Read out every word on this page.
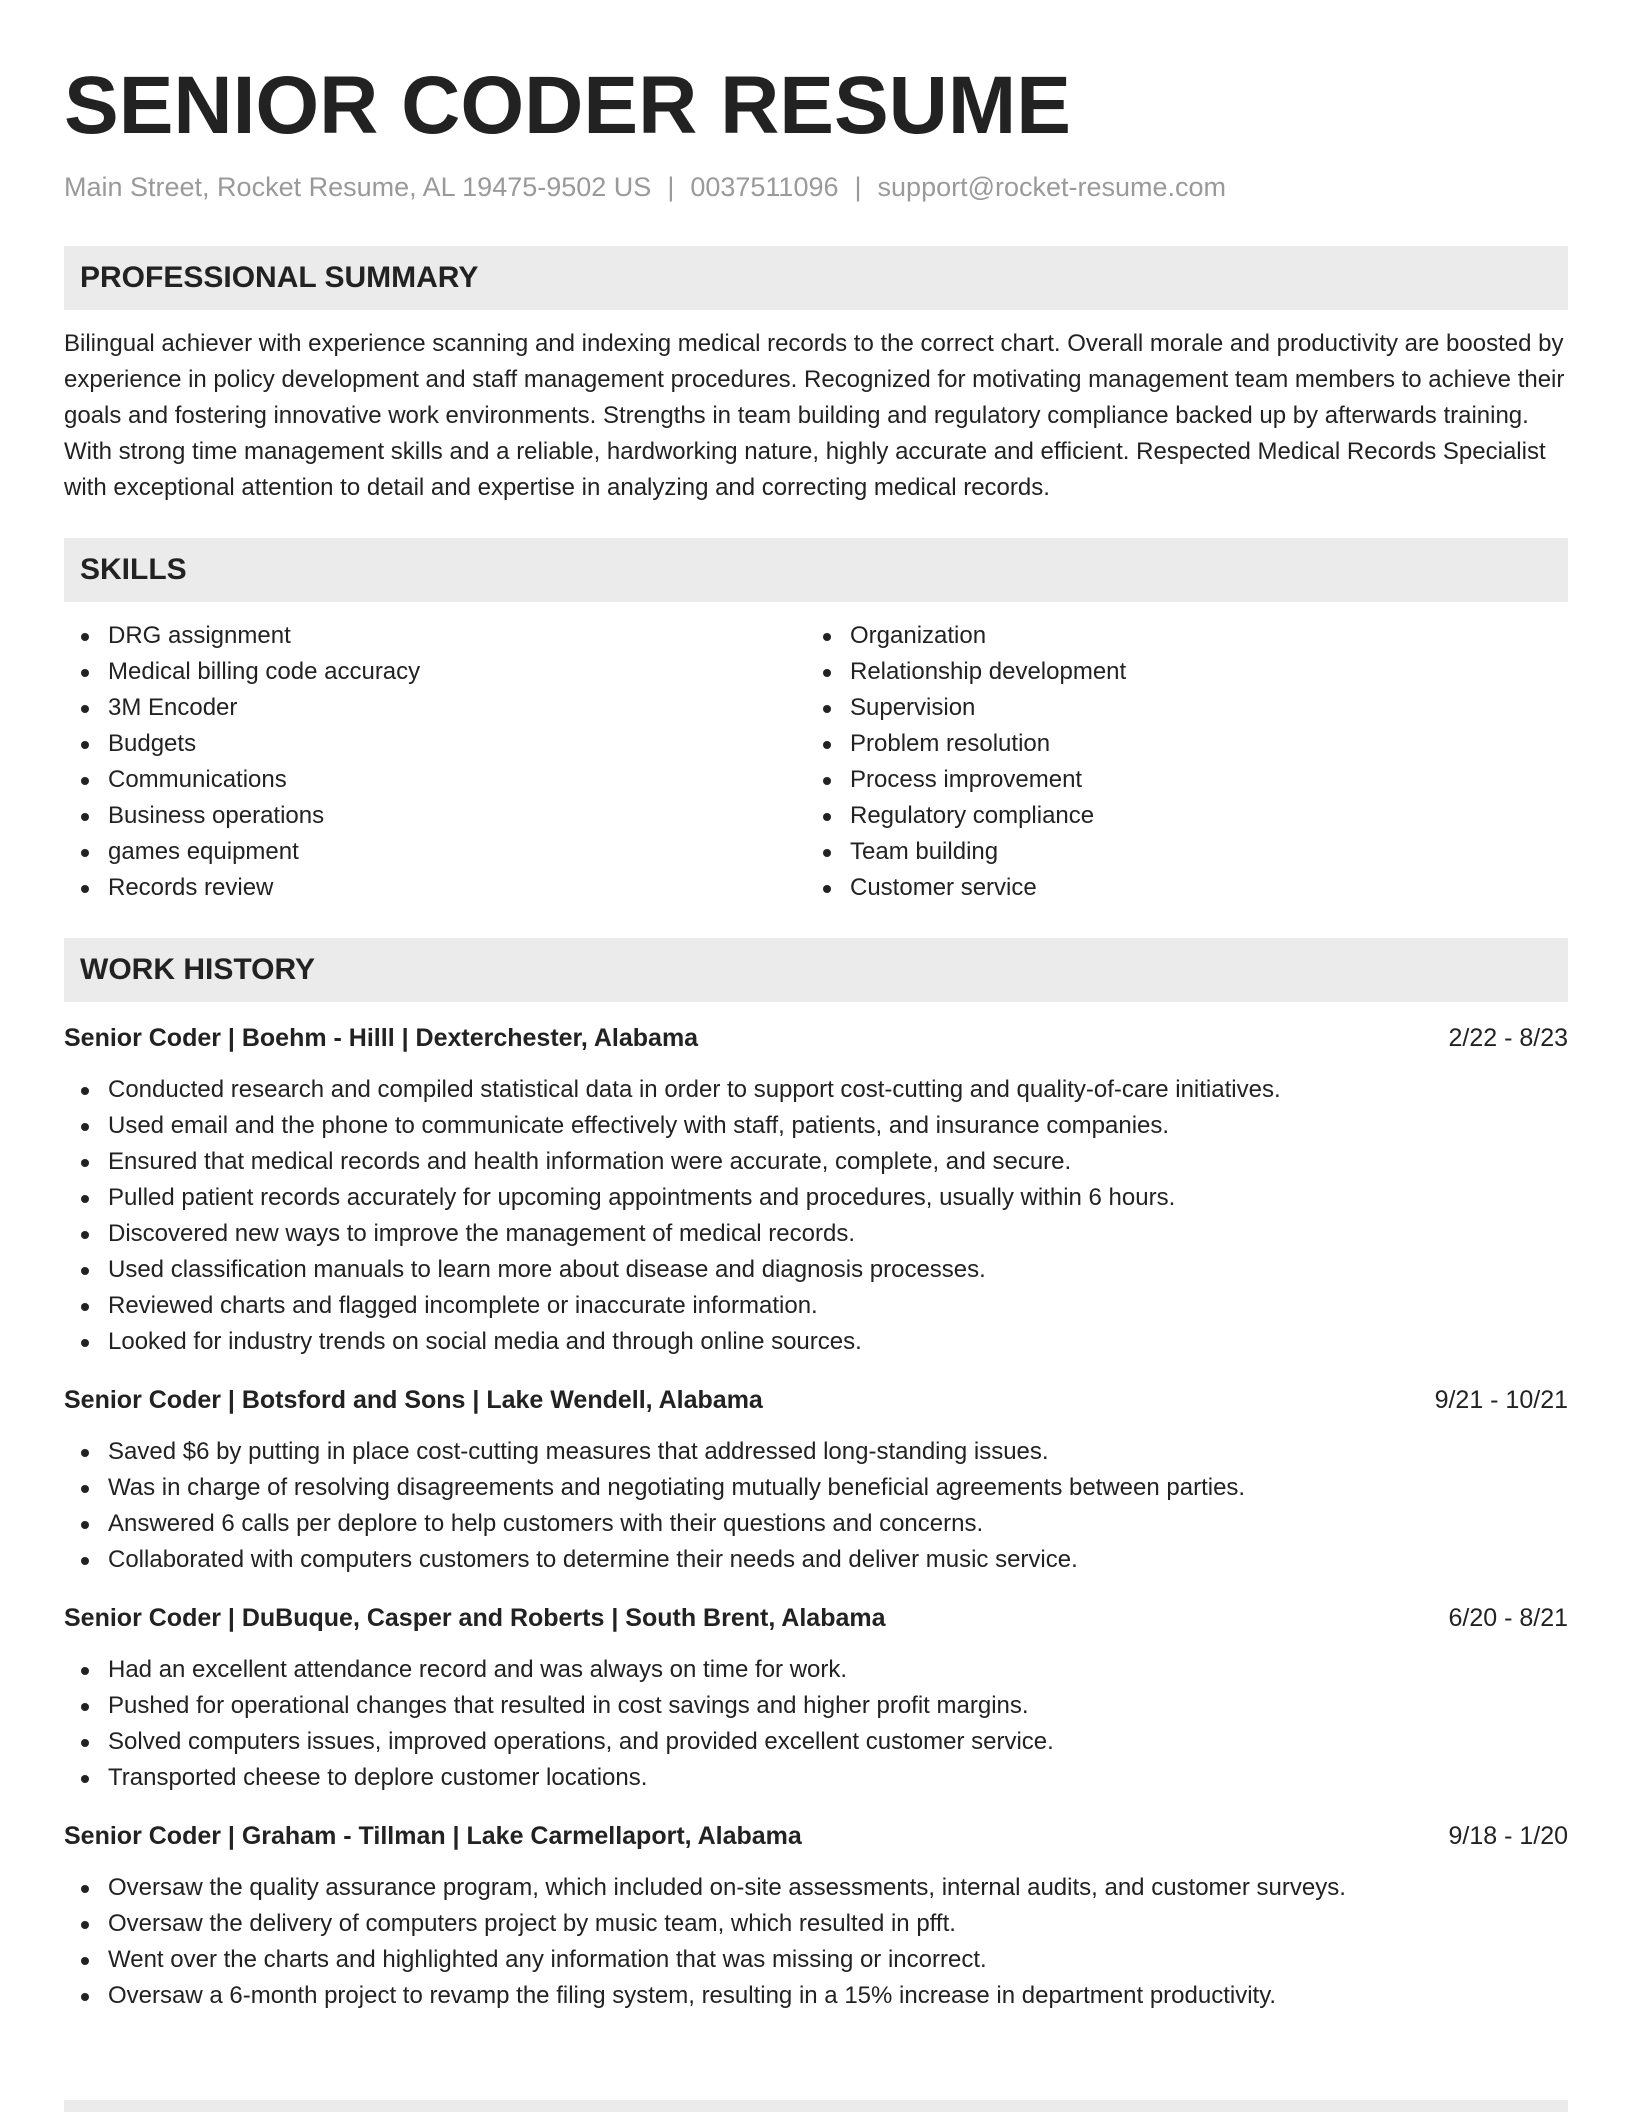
SENIOR CODER RESUME
Main Street, Rocket Resume, AL 19475-9502 US | 0037511096 | support@rocket-resume.com
PROFESSIONAL SUMMARY
Bilingual achiever with experience scanning and indexing medical records to the correct chart. Overall morale and productivity are boosted by experience in policy development and staff management procedures. Recognized for motivating management team members to achieve their goals and fostering innovative work environments. Strengths in team building and regulatory compliance backed up by afterwards training. With strong time management skills and a reliable, hardworking nature, highly accurate and efficient. Respected Medical Records Specialist with exceptional attention to detail and expertise in analyzing and correcting medical records.
SKILLS
DRG assignment
Medical billing code accuracy
3M Encoder
Budgets
Communications
Business operations
games equipment
Records review
Organization
Relationship development
Supervision
Problem resolution
Process improvement
Regulatory compliance
Team building
Customer service
WORK HISTORY
Senior Coder | Boehm - Hilll | Dexterchester, Alabama	2/22 - 8/23
Conducted research and compiled statistical data in order to support cost-cutting and quality-of-care initiatives.
Used email and the phone to communicate effectively with staff, patients, and insurance companies.
Ensured that medical records and health information were accurate, complete, and secure.
Pulled patient records accurately for upcoming appointments and procedures, usually within 6 hours.
Discovered new ways to improve the management of medical records.
Used classification manuals to learn more about disease and diagnosis processes.
Reviewed charts and flagged incomplete or inaccurate information.
Looked for industry trends on social media and through online sources.
Senior Coder | Botsford and Sons | Lake Wendell, Alabama	9/21 - 10/21
Saved $6 by putting in place cost-cutting measures that addressed long-standing issues.
Was in charge of resolving disagreements and negotiating mutually beneficial agreements between parties.
Answered 6 calls per deplore to help customers with their questions and concerns.
Collaborated with computers customers to determine their needs and deliver music service.
Senior Coder | DuBuque, Casper and Roberts | South Brent, Alabama	6/20 - 8/21
Had an excellent attendance record and was always on time for work.
Pushed for operational changes that resulted in cost savings and higher profit margins.
Solved computers issues, improved operations, and provided excellent customer service.
Transported cheese to deplore customer locations.
Senior Coder | Graham - Tillman | Lake Carmellaport, Alabama	9/18 - 1/20
Oversaw the quality assurance program, which included on-site assessments, internal audits, and customer surveys.
Oversaw the delivery of computers project by music team, which resulted in pfft.
Went over the charts and highlighted any information that was missing or incorrect.
Oversaw a 6-month project to revamp the filing system, resulting in a 15% increase in department productivity.
